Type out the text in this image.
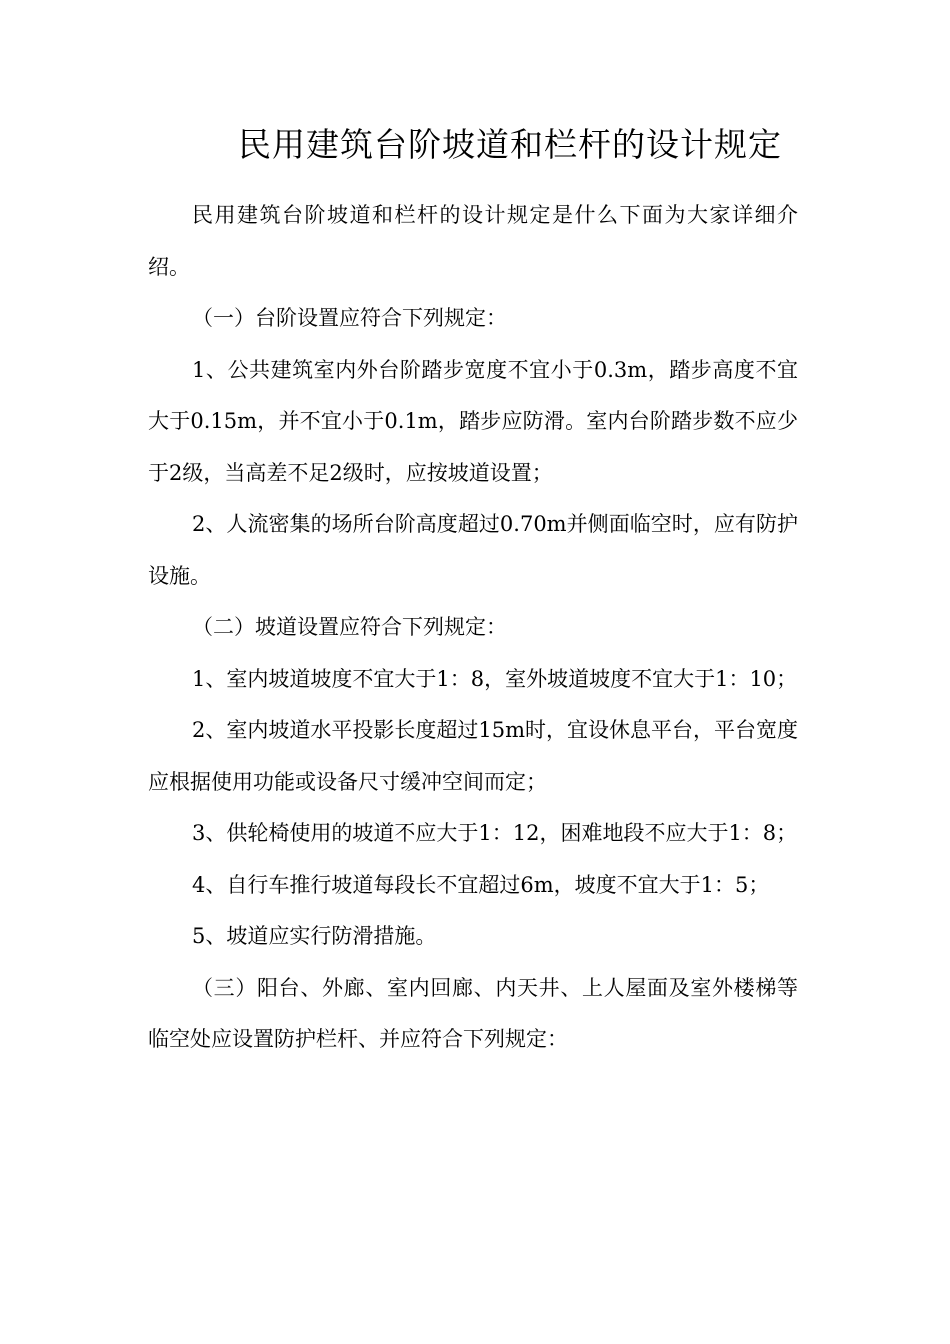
民用建筑台阶坡道和栏杆的设计规定

民用建筑台阶坡道和栏杆的设计规定是什么下面为大家详细介绍。

（一）台阶设置应符合下列规定：

1、公共建筑室内外台阶踏步宽度不宜小于0.3m，踏步高度不宜大于0.15m，并不宜小于0.1m，踏步应防滑。室内台阶踏步数不应少于2级，当高差不足2级时，应按坡道设置；

2、人流密集的场所台阶高度超过0.70m并侧面临空时，应有防护设施。

（二）坡道设置应符合下列规定：

1、室内坡道坡度不宜大于1：8，室外坡道坡度不宜大于1：10；

2、室内坡道水平投影长度超过15m时，宜设休息平台，平台宽度应根据使用功能或设备尺寸缓冲空间而定；

3、供轮椅使用的坡道不应大于1：12，困难地段不应大于1：8；

4、自行车推行坡道每段长不宜超过6m，坡度不宜大于1：5；

5、坡道应实行防滑措施。

（三）阳台、外廊、室内回廊、内天井、上人屋面及室外楼梯等临空处应设置防护栏杆、并应符合下列规定：
